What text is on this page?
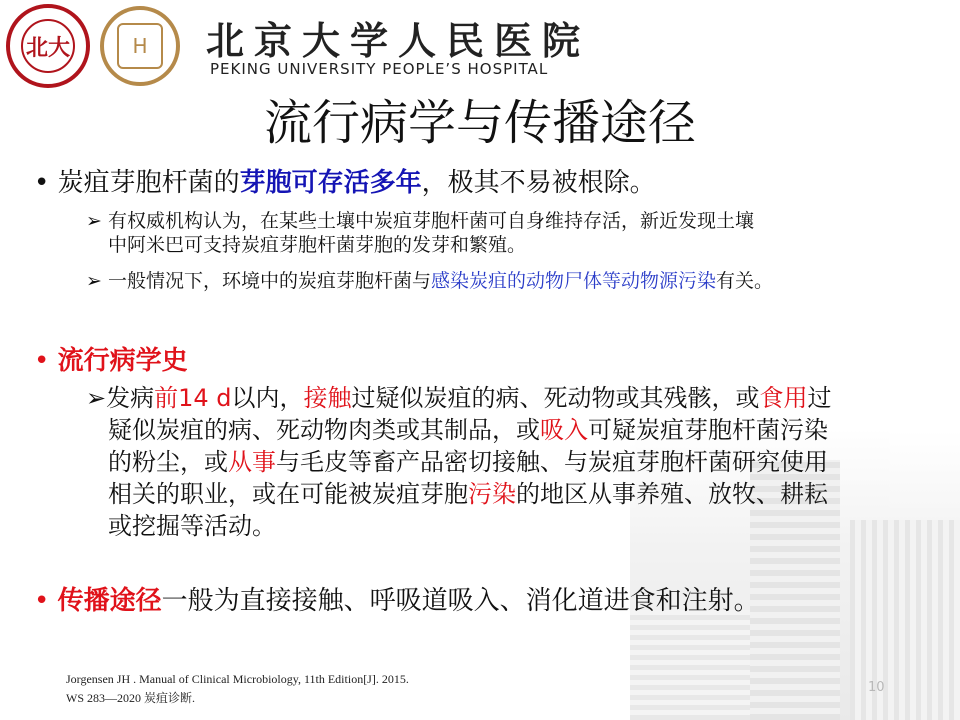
北大	H	北京大学人民医院
PEKING UNIVERSITY PEOPLE’S HOSPITAL
流行病学与传播途径
• 炭疽芽胞杆菌的芽胞可存活多年，极其不易被根除。
➢ 有权威机构认为，在某些土壤中炭疽芽胞杆菌可自身维持存活，新近发现土壤
中阿米巴可支持炭疽芽胞杆菌芽胞的发芽和繁殖。
➢ 一般情况下，环境中的炭疽芽胞杆菌与感染炭疽的动物尸体等动物源污染有关。
• 流行病学史
➢发病前14 d以内，接触过疑似炭疽的病、死动物或其残骸，或食用过
疑似炭疽的病、死动物肉类或其制品，或吸入可疑炭疽芽胞杆菌污染
的粉尘，或从事与毛皮等畜产品密切接触、与炭疽芽胞杆菌研究使用
相关的职业，或在可能被炭疽芽胞污染的地区从事养殖、放牧、耕耘
或挖掘等活动。
• 传播途径一般为直接接触、呼吸道吸入、消化道进食和注射。
Jorgensen JH . Manual of Clinical Microbiology, 11th Edition[J]. 2015.
WS 283—2020 炭疽诊断.
10
